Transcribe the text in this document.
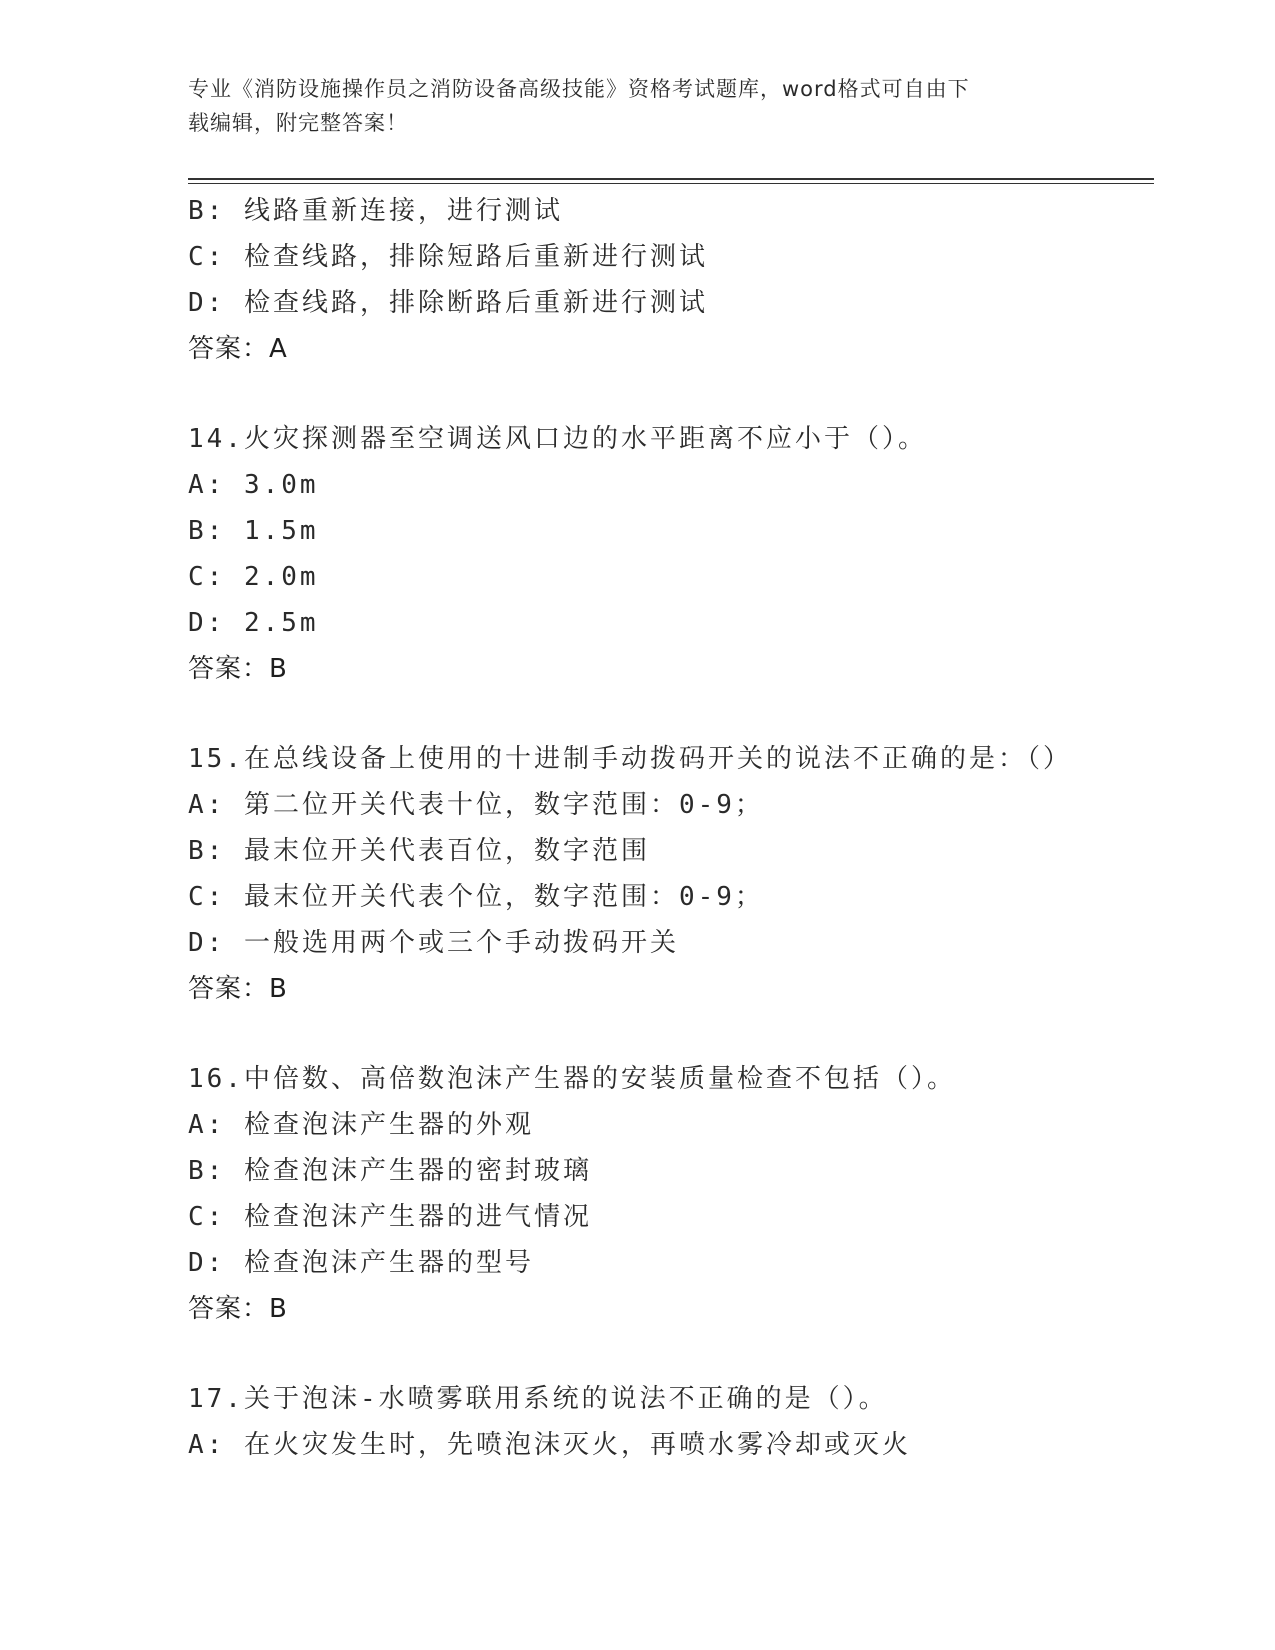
专业《消防设施操作员之消防设备高级技能》资格考试题库，word格式可自由下
载编辑，附完整答案！
B: 线路重新连接，进行测试
C: 检查线路，排除短路后重新进行测试
D: 检查线路，排除断路后重新进行测试
答案：A
14.火灾探测器至空调送风口边的水平距离不应小于（）。
A: 3.0m
B: 1.5m
C: 2.0m
D: 2.5m
答案：B
15.在总线设备上使用的十进制手动拨码开关的说法不正确的是：（）
A: 第二位开关代表十位，数字范围：0-9；
B: 最末位开关代表百位，数字范围
C: 最末位开关代表个位，数字范围：0-9；
D: 一般选用两个或三个手动拨码开关
答案：B
16.中倍数、高倍数泡沫产生器的安装质量检查不包括（）。
A: 检查泡沫产生器的外观
B: 检查泡沫产生器的密封玻璃
C: 检查泡沫产生器的进气情况
D: 检查泡沫产生器的型号
答案：B
17.关于泡沫-水喷雾联用系统的说法不正确的是（）。
A: 在火灾发生时，先喷泡沫灭火，再喷水雾冷却或灭火
